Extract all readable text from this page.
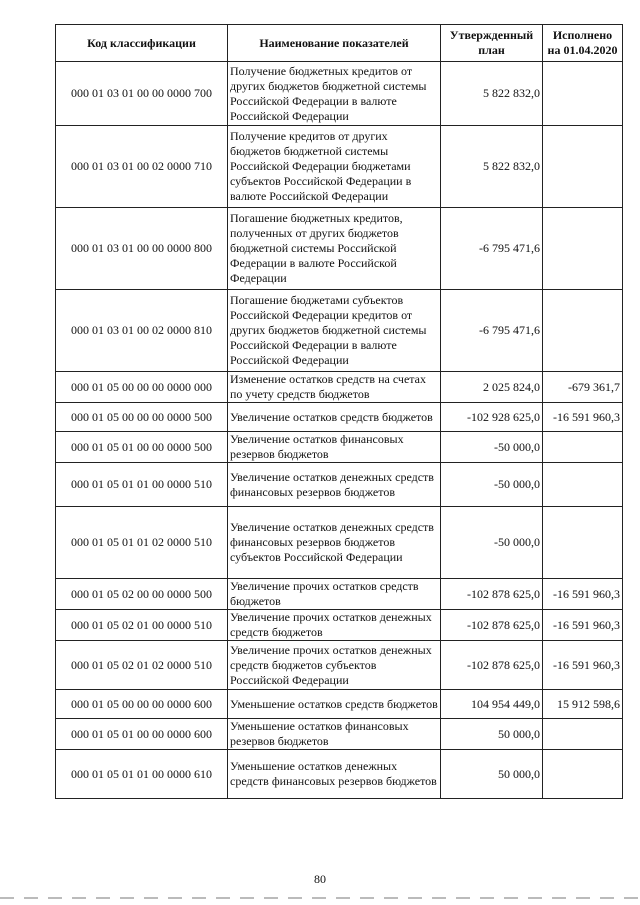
Код классификации	Наименование показателей	Утвержденный план	Исполнено на 01.04.2020
000 01 03 01 00 00 0000 700	Получение бюджетных кредитов от других бюджетов бюджетной системы Российской Федерации в валюте Российской Федерации	5 822 832,0	
000 01 03 01 00 02 0000 710	Получение кредитов от других бюджетов бюджетной системы Российской Федерации бюджетами субъектов Российской Федерации в валюте Российской Федерации	5 822 832,0	
000 01 03 01 00 00 0000 800	Погашение бюджетных кредитов, полученных от других бюджетов бюджетной системы Российской Федерации в валюте Российской Федерации	-6 795 471,6	
000 01 03 01 00 02 0000 810	Погашение бюджетами субъектов Российской Федерации кредитов от других бюджетов бюджетной системы Российской Федерации в валюте Российской Федерации	-6 795 471,6	
000 01 05 00 00 00 0000 000	Изменение остатков средств на счетах по учету средств бюджетов	2 025 824,0	-679 361,7
000 01 05 00 00 00 0000 500	Увеличение остатков средств бюджетов	-102 928 625,0	-16 591 960,3
000 01 05 01 00 00 0000 500	Увеличение остатков финансовых резервов бюджетов	-50 000,0	
000 01 05 01 01 00 0000 510	Увеличение остатков денежных средств финансовых резервов бюджетов	-50 000,0	
000 01 05 01 01 02 0000 510	Увеличение остатков денежных средств финансовых резервов бюджетов субъектов Российской Федерации	-50 000,0	
000 01 05 02 00 00 0000 500	Увеличение прочих остатков средств бюджетов	-102 878 625,0	-16 591 960,3
000 01 05 02 01 00 0000 510	Увеличение прочих остатков денежных средств бюджетов	-102 878 625,0	-16 591 960,3
000 01 05 02 01 02 0000 510	Увеличение прочих остатков денежных средств бюджетов субъектов Российской Федерации	-102 878 625,0	-16 591 960,3
000 01 05 00 00 00 0000 600	Уменьшение остатков средств бюджетов	104 954 449,0	15 912 598,6
000 01 05 01 00 00 0000 600	Уменьшение остатков финансовых резервов бюджетов	50 000,0	
000 01 05 01 01 00 0000 610	Уменьшение остатков денежных средств финансовых резервов бюджетов	50 000,0	
80
